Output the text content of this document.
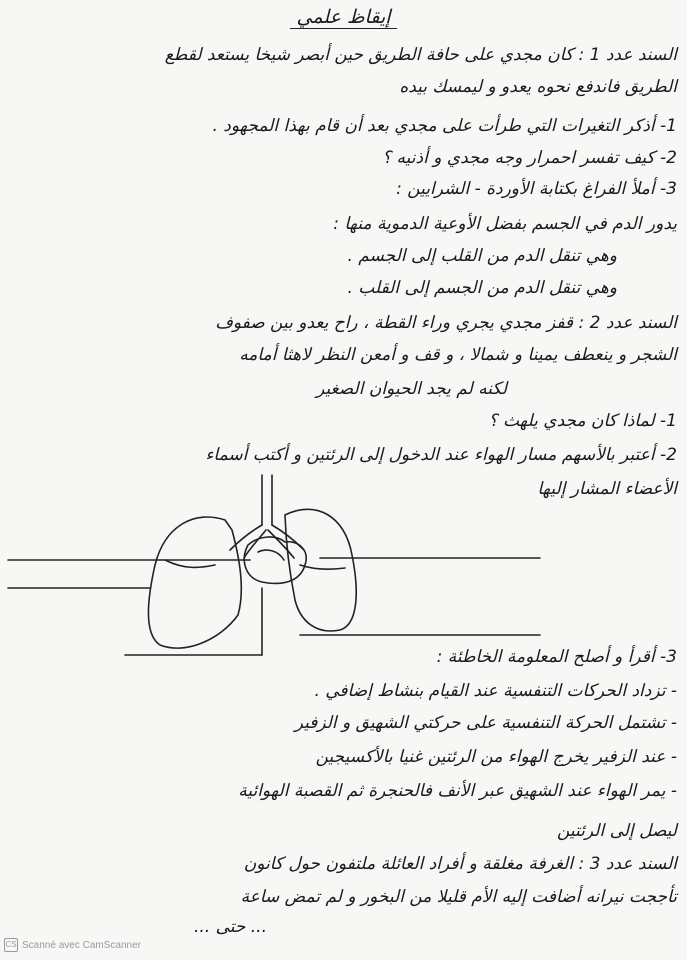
إيقاظ علمي
السند عدد 1 : كان مجدي على حافة الطريق حين أبصر شيخا يستعد لقطع
الطريق فاندفع نحوه يعدو و ليمسك بيده
1- أذكر التغيرات التي طرأت على مجدي بعد أن قام بهذا المجهود .
2- كيف تفسر احمرار وجه مجدي و أذنيه ؟
3- أملأ الفراغ بكتابة الأوردة - الشرايين :
يدور الدم في الجسم بفضل الأوعية الدموية منها :
وهي تنقل الدم من القلب إلى الجسم .
وهي تنقل الدم من الجسم إلى القلب .
السند عدد 2 : قفز مجدي يجري وراء القطة ، راح يعدو بين صفوف
الشجر و ينعطف يمينا و شمالا ، و قف و أمعن النظر لاهثا أمامه
لكنه لم يجد الحيوان الصغير
1- لماذا كان مجدي يلهث ؟
2- أعتبر بالأسهم مسار الهواء عند الدخول إلى الرئتين و أكتب أسماء
الأعضاء المشار إليها
3- أقرأ و أصلح المعلومة الخاطئة :
- تزداد الحركات التنفسية عند القيام بنشاط إضافي .
- تشتمل الحركة التنفسية على حركتي الشهيق و الزفير
- عند الزفير يخرج الهواء من الرئتين غنيا بالأكسيجين
- يمر الهواء عند الشهيق عبر الأنف فالحنجرة ثم القصبة الهوائية
ليصل إلى الرئتين
السند عدد 3 : الغرفة مغلقة و أفراد العائلة ملتفون حول كانون
تأججت نيرانه أضافت إليه الأم قليلا من البخور و لم تمض ساعة
... حتى ...
CS Scanné avec CamScanner
